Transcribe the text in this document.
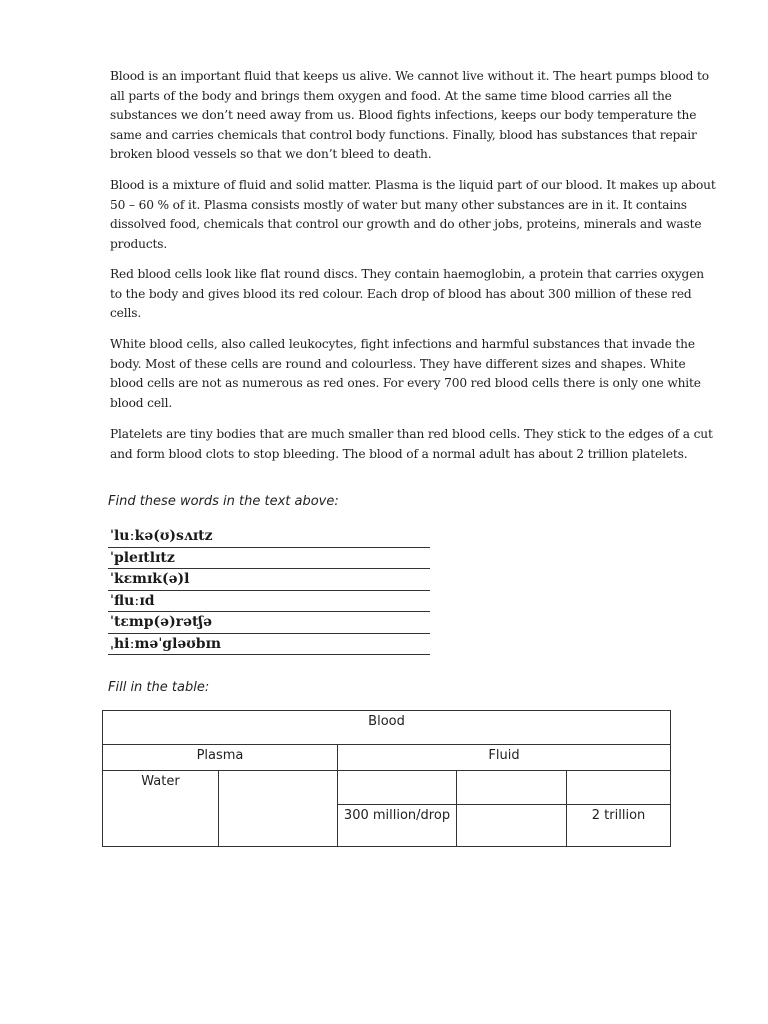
Blood is an important fluid that keeps us alive. We cannot live without it. The heart pumps blood to all parts of the body and brings them oxygen and food. At the same time blood carries all the substances we don’t need away from us. Blood fights infections, keeps our body temperature the same and carries chemicals that control body functions. Finally, blood has substances that repair broken blood vessels so that we don’t bleed to death.

Blood is a mixture of fluid and solid matter. Plasma is the liquid part of our blood. It makes up about 50 – 60 % of it. Plasma consists mostly of water but many other substances are in it. It contains dissolved food, chemicals that control our growth and do other jobs, proteins, minerals and waste products.

Red blood cells look like flat round discs. They contain haemoglobin, a protein that carries oxygen to the body and gives blood its red colour. Each drop of blood has about 300 million of these red cells.

White blood cells, also called leukocytes, fight infections and harmful substances that invade the body. Most of these cells are round and colourless. They have different sizes and shapes. White blood cells are not as numerous as red ones. For every 700 red blood cells there is only one white blood cell.

Platelets are tiny bodies that are much smaller than red blood cells. They stick to the edges of a cut and form blood clots to stop bleeding. The blood of a normal adult has about 2 trillion platelets.

Find these words in the text above:

ˈluːkə(ʊ)sʌɪtz
ˈpleɪtlɪtz
ˈkɛmɪk(ə)l
ˈfluːɪd
ˈtɛmp(ə)rətʃə
ˌhiːməˈgləʊbɪn

Fill in the table:

Blood				
Plasma		Fluid		
Water				
		300 million/drop		2 trillion
